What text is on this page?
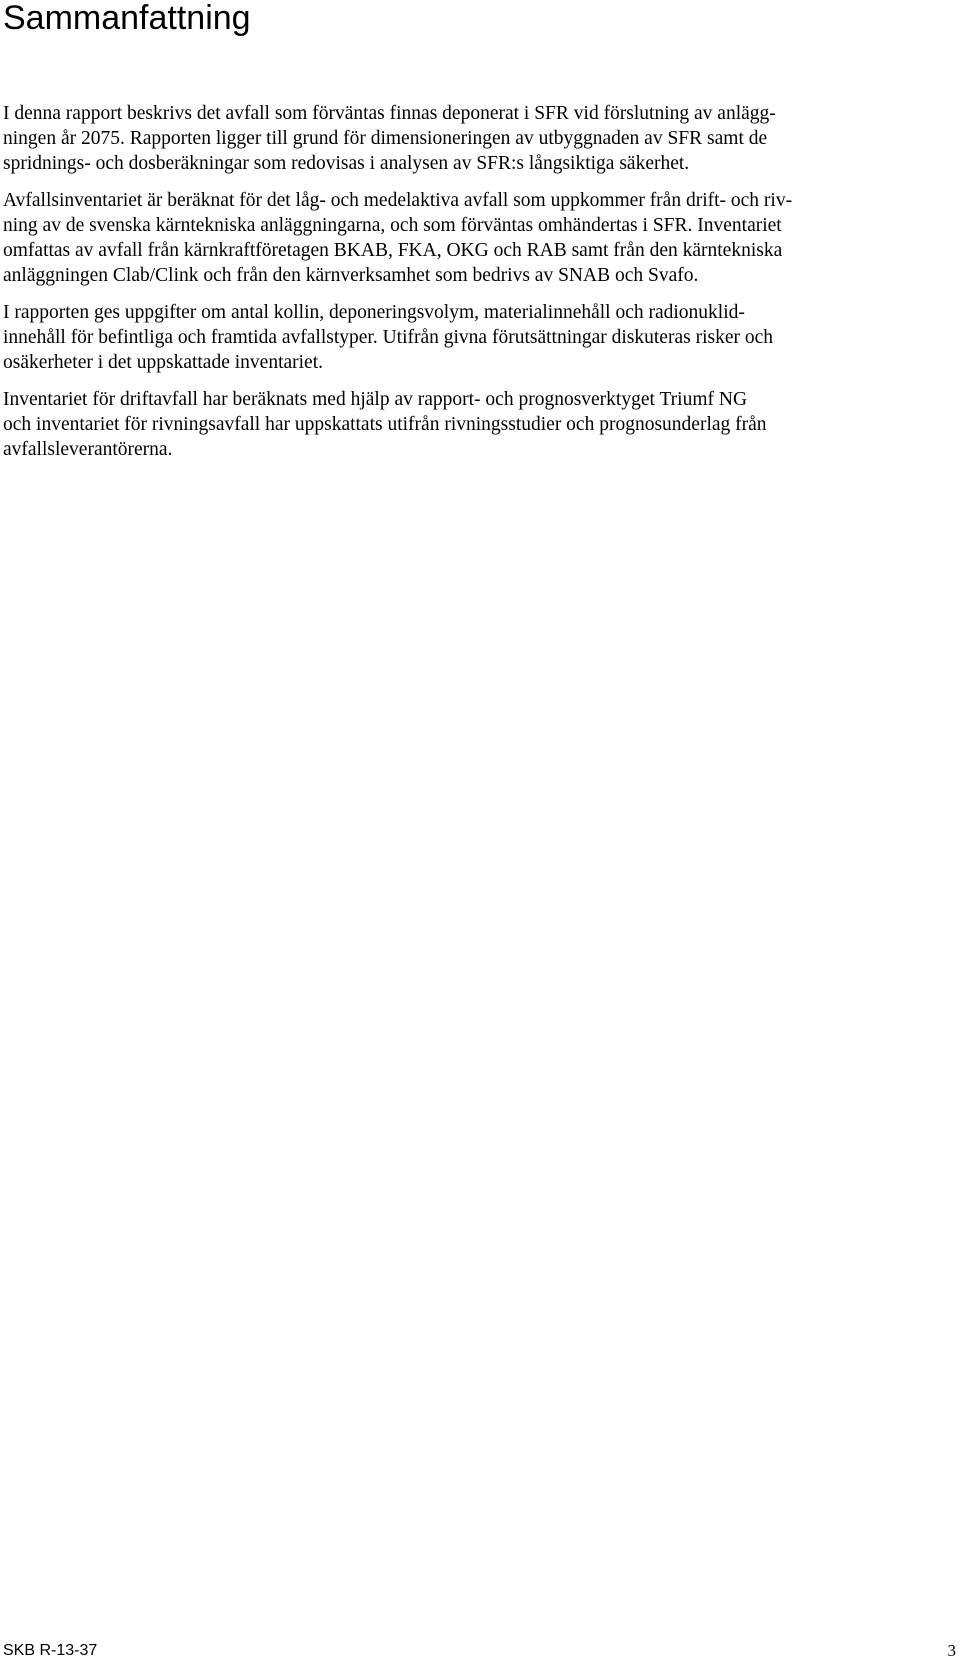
Sammanfattning

I denna rapport beskrivs det avfall som förväntas finnas deponerat i SFR vid förslutning av anlägg-
ningen år 2075. Rapporten ligger till grund för dimensioneringen av utbyggnaden av SFR samt de
spridnings- och dosberäkningar som redovisas i analysen av SFR:s långsiktiga säkerhet.

Avfallsinventariet är beräknat för det låg- och medelaktiva avfall som uppkommer från drift- och riv-
ning av de svenska kärntekniska anläggningarna, och som förväntas omhändertas i SFR. Inventariet
omfattas av avfall från kärnkraftföretagen BKAB, FKA, OKG och RAB samt från den kärntekniska
anläggningen Clab/Clink och från den kärnverksamhet som bedrivs av SNAB och Svafo.

I rapporten ges uppgifter om antal kollin, deponeringsvolym, materialinnehåll och radionuklid-
innehåll för befintliga och framtida avfallstyper. Utifrån givna förutsättningar diskuteras risker och
osäkerheter i det uppskattade inventariet.

Inventariet för driftavfall har beräknats med hjälp av rapport- och prognosverktyget Triumf NG
och inventariet för rivningsavfall har uppskattats utifrån rivningsstudier och prognosunderlag från
avfallsleverantörerna.

SKB R-13-37	3
